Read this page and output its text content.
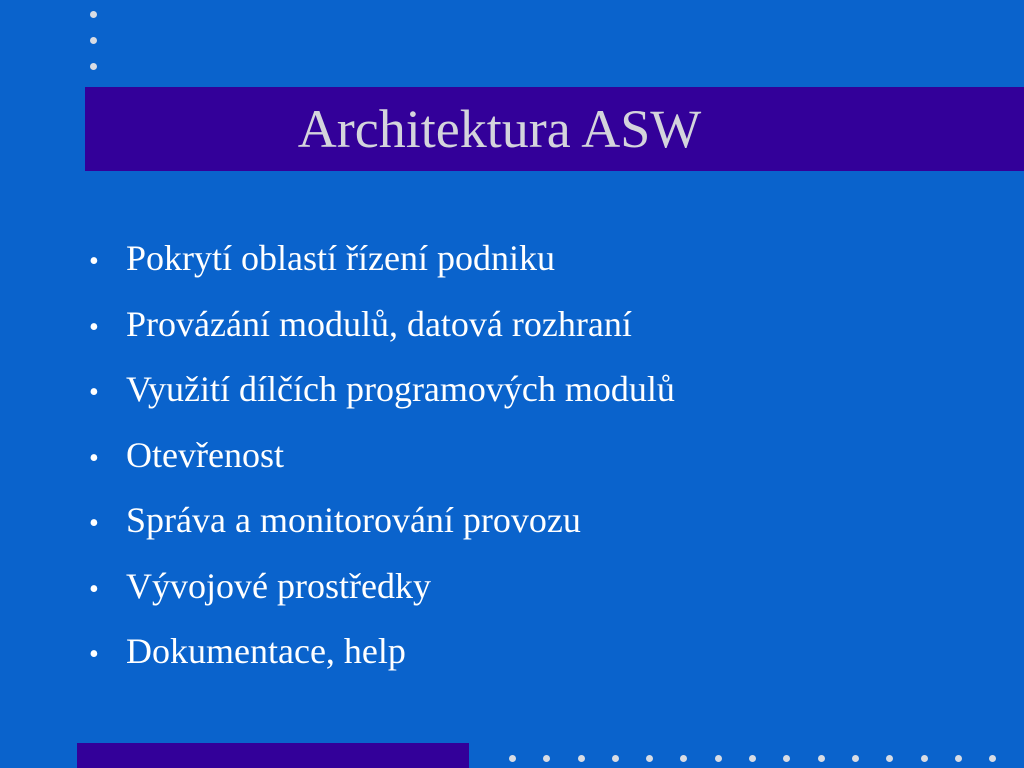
Architektura ASW
• Pokrytí oblastí řízení podniku
• Provázání modulů, datová rozhraní
• Využití dílčích programových modulů
• Otevřenost
• Správa a monitorování provozu
• Vývojové prostředky
• Dokumentace, help
